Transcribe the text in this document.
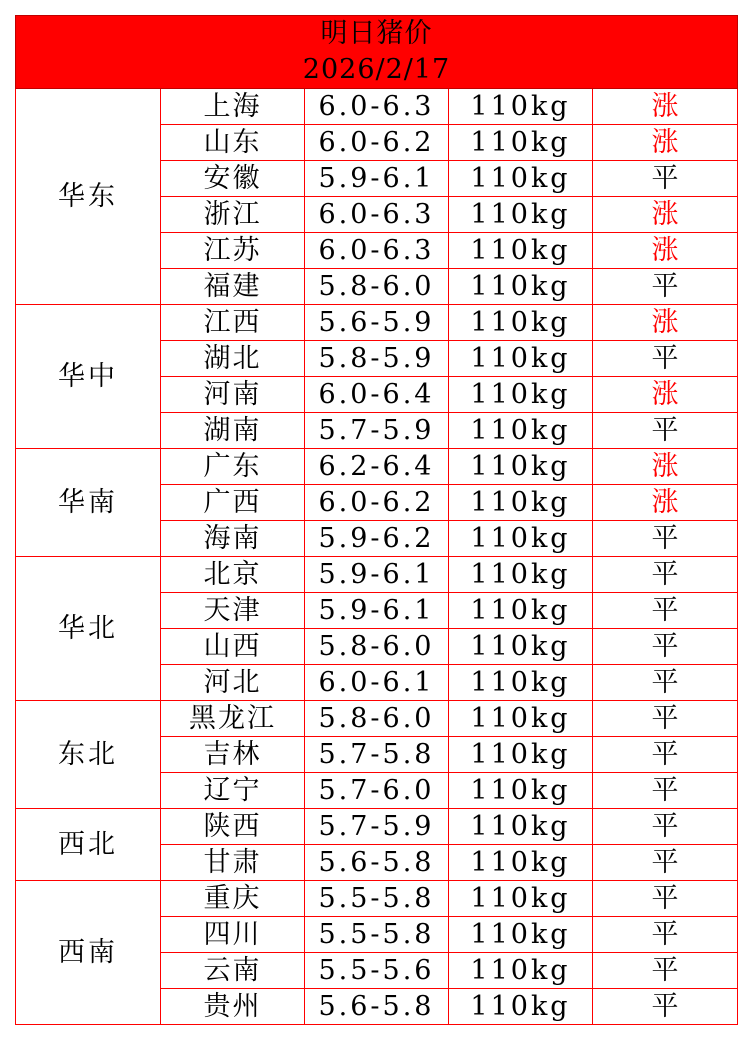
明日猪价
2026/2/17				

华东	上海	6.0-6.3	110kg	涨
	山东	6.0-6.2	110kg	涨
	安徽	5.9-6.1	110kg	平
	浙江	6.0-6.3	110kg	涨
	江苏	6.0-6.3	110kg	涨
	福建	5.8-6.0	110kg	平
华中	江西	5.6-5.9	110kg	涨
	湖北	5.8-5.9	110kg	平
	河南	6.0-6.4	110kg	涨
	湖南	5.7-5.9	110kg	平
华南	广东	6.2-6.4	110kg	涨
	广西	6.0-6.2	110kg	涨
	海南	5.9-6.2	110kg	平
华北	北京	5.9-6.1	110kg	平
	天津	5.9-6.1	110kg	平
	山西	5.8-6.0	110kg	平
	河北	6.0-6.1	110kg	平
东北	黑龙江	5.8-6.0	110kg	平
	吉林	5.7-5.8	110kg	平
	辽宁	5.7-6.0	110kg	平
西北	陕西	5.7-5.9	110kg	平
	甘肃	5.6-5.8	110kg	平
西南	重庆	5.5-5.8	110kg	平
	四川	5.5-5.8	110kg	平
	云南	5.5-5.6	110kg	平
	贵州	5.6-5.8	110kg	平
